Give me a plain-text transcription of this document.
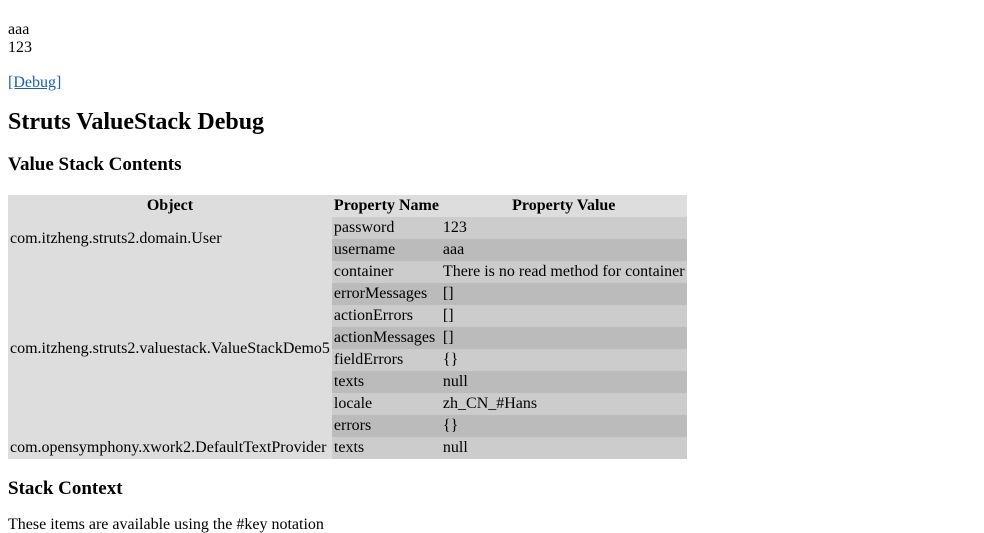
aaa
123
[Debug]
Struts ValueStack Debug
Value Stack Contents
Object	Property Name	Property Value
com.itzheng.struts2.domain.User	password	123
	username	aaa
com.itzheng.struts2.valuestack.ValueStackDemo5	container	There is no read method for container
	errorMessages	[]
	actionErrors	[]
	actionMessages	[]
	fieldErrors	{}
	texts	null
	locale	zh_CN_#Hans
	errors	{}
com.opensymphony.xwork2.DefaultTextProvider	texts	null
Stack Context

These items are available using the #key notation
